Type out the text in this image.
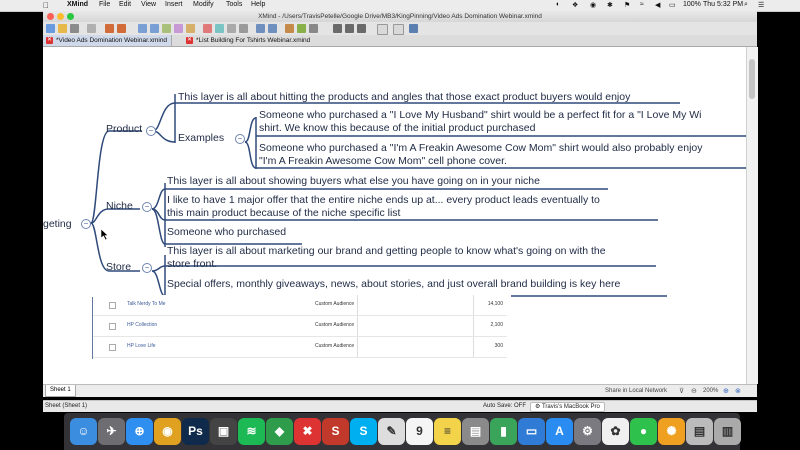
XMind File Edit View Insert Modify Tools Help	◐ ❖ ◉ ✱ ⚑ ≈ ◀ ▭ 100% Thu 5:32 PM ⌕ ☰
XMind - /Users/TravisPetelle/Google Drive/MB3/KingPinning/Video Ads Domination Webinar.xmind
✕ *Video Ads Domination Webinar.xmind	✕ *List Building For Tshirts Webinar.xmind
geting	−
Product −
This layer is all about hitting the products and angles that those exact product buyers would enjoy
Examples	−
Someone who purchased a "I Love My Husband" shirt would be a perfect fit for a "I Love My Wi
shirt. We know this because of the initial product purchased
Someone who purchased a "I'm A Freakin Awesome Cow Mom" shirt would also probably enjoy
"I'm A Freakin Awesome Cow Mom" cell phone cover.
Niche	−
This layer is all about showing buyers what else you have going on in your niche
I like to have 1 major offer that the entire niche ends up at... every product leads eventually to
this main product because of the niche specific list
Someone who purchased
Store	−
This layer is all about marketing our brand and getting people to know what's going on with the
store front.
Special offers, monthly giveaways, news, about stories, and just overall brand building is key here
Talk Nerdy To Me	Custom Audience	14,100
HP Collection	Custom Audience	2,100
HP Love Life	Custom Audience	300
Sheet 1	Share in Local Network ⊽ ⊖ 200% ⊕ ⊗
Sheet (Sheet 1)	Auto Save: OFF	⚙ Travis's MacBook Pro
☺	✈	⊕	◉	Ps	▣	≋	◆	✖	S	S	✎	9	≡	▤	▮	▭	A	⚙	✿	●	✺	▤	▥
